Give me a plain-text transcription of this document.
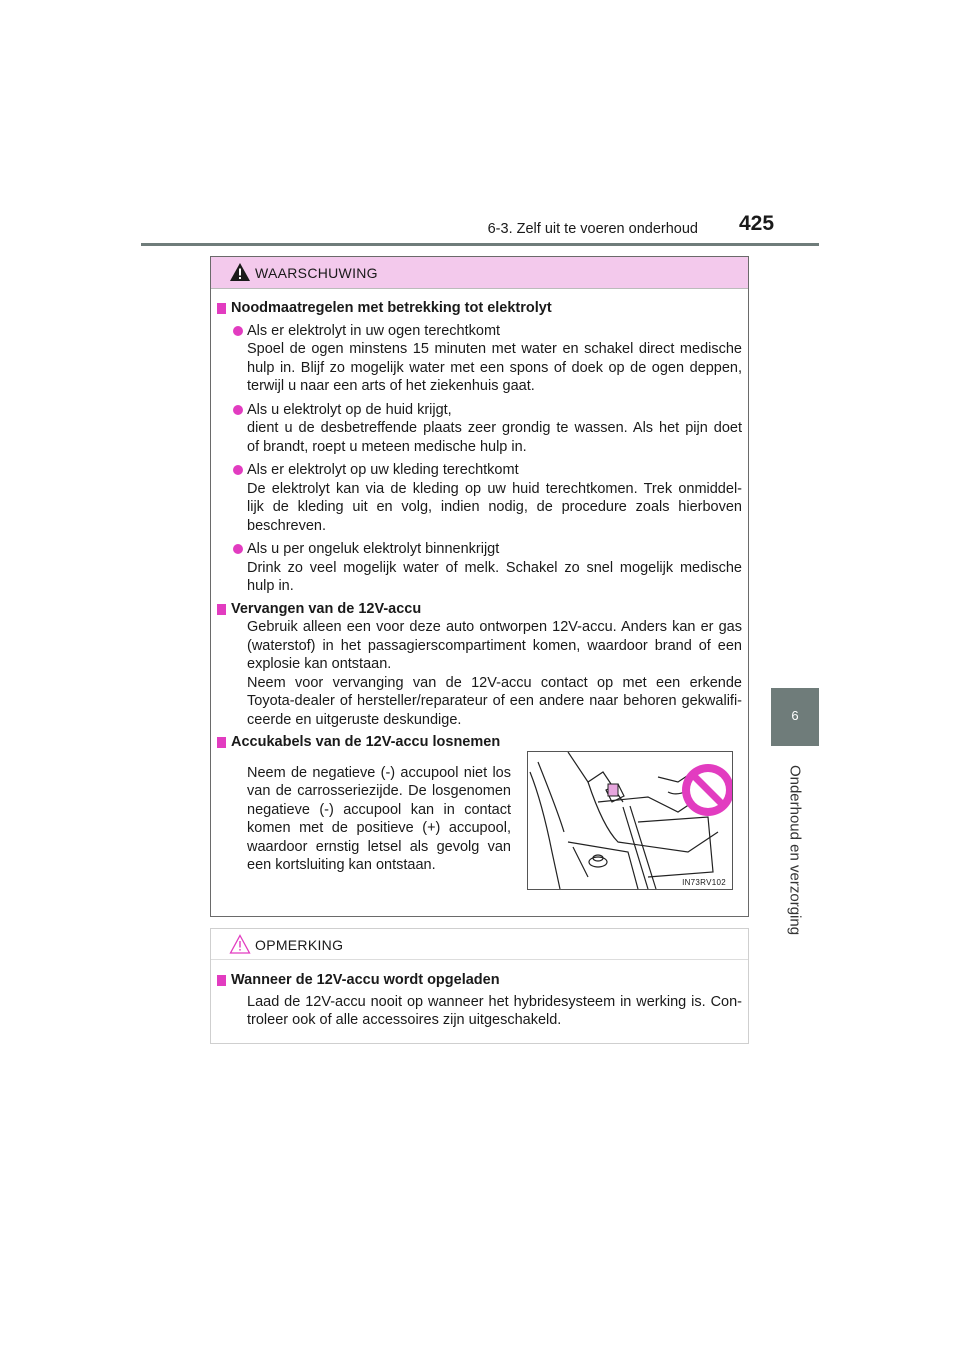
6-3. Zelf uit te voeren onderhoud 425
6
Onderhoud en verzorging
WAARSCHUWING

Noodmaatregelen met betrekking tot elektrolyt

Als er elektrolyt in uw ogen terechtkomt
Spoel de ogen minstens 15 minuten met water en schakel direct medische
hulp in. Blijf zo mogelijk water met een spons of doek op de ogen deppen,
terwijl u naar een arts of het ziekenhuis gaat.
Als u elektrolyt op de huid krijgt,
dient u de desbetreffende plaats zeer grondig te wassen. Als het pijn doet
of brandt, roept u meteen medische hulp in.
Als er elektrolyt op uw kleding terechtkomt
De elektrolyt kan via de kleding op uw huid terechtkomen. Trek onmiddel-
lijk de kleding uit en volg, indien nodig, de procedure zoals hierboven
beschreven.
Als u per ongeluk elektrolyt binnenkrijgt
Drink zo veel mogelijk water of melk. Schakel zo snel mogelijk medische
hulp in.

Vervangen van de 12V-accu

Gebruik alleen een voor deze auto ontworpen 12V-accu. Anders kan er gas
(waterstof) in het passagierscompartiment komen, waardoor brand of een
explosie kan ontstaan.
Neem voor vervanging van de 12V-accu contact op met een erkende
Toyota-dealer of hersteller/reparateur of een andere naar behoren gekwalifi-
ceerde en uitgeruste deskundige.

Accukabels van de 12V-accu losnemen

Neem de negatieve (-) accupool niet los
van de carrosseriezijde. De losgenomen
negatieve (-) accupool kan in contact
komen met de positieve (+) accupool,
waardoor ernstig letsel als gevolg van
een kortsluiting kan ontstaan.
IN73RV102
OPMERKING

Wanneer de 12V-accu wordt opgeladen

Laad de 12V-accu nooit op wanneer het hybridesysteem in werking is. Con-
troleer ook of alle accessoires zijn uitgeschakeld.
